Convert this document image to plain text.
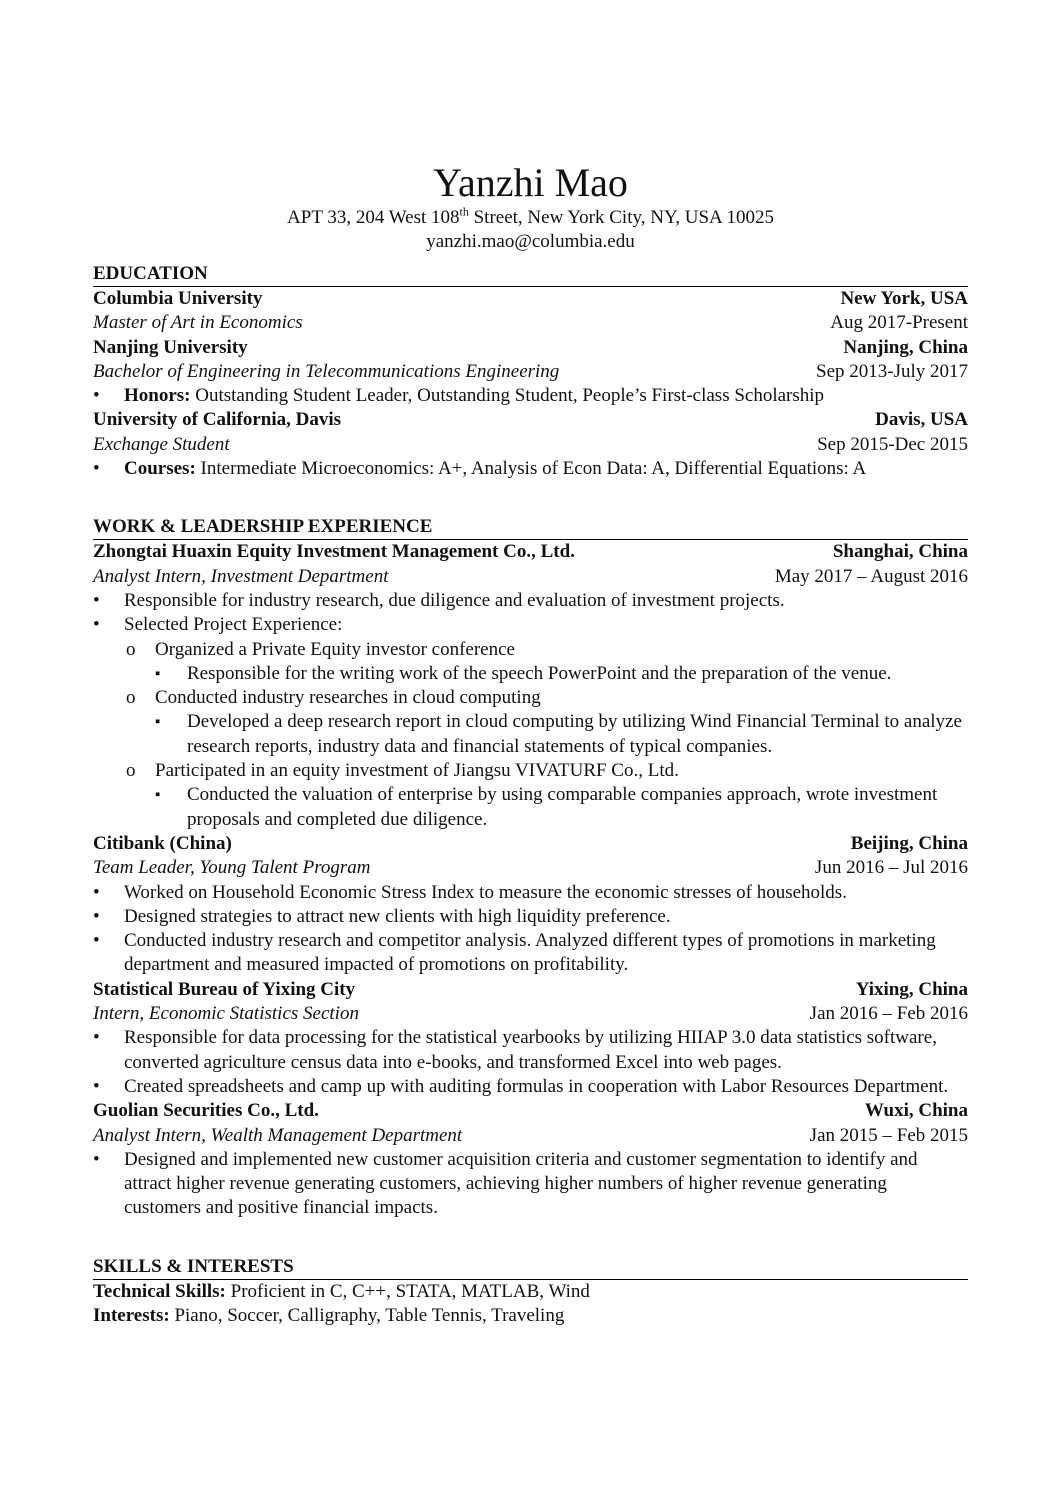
Yanzhi Mao
APT 33, 204 West 108th Street, New York City, NY, USA 10025
yanzhi.mao@columbia.edu
EDUCATION
Columbia University	New York, USA
Master of Art in Economics	Aug 2017-Present
Nanjing University	Nanjing, China
Bachelor of Engineering in Telecommunications Engineering	Sep 2013-July 2017
• Honors: Outstanding Student Leader, Outstanding Student, People’s First-class Scholarship
University of California, Davis	Davis, USA
Exchange Student	Sep 2015-Dec 2015
• Courses: Intermediate Microeconomics: A+, Analysis of Econ Data: A, Differential Equations: A
WORK & LEADERSHIP EXPERIENCE
Zhongtai Huaxin Equity Investment Management Co., Ltd.	Shanghai, China
Analyst Intern, Investment Department	May 2017 – August 2016
• Responsible for industry research, due diligence and evaluation of investment projects.
• Selected Project Experience:
o Organized a Private Equity investor conference
▪ Responsible for the writing work of the speech PowerPoint and the preparation of the venue.
o Conducted industry researches in cloud computing
▪ Developed a deep research report in cloud computing by utilizing Wind Financial Terminal to analyze research reports, industry data and financial statements of typical companies.
o Participated in an equity investment of Jiangsu VIVATURF Co., Ltd.
▪ Conducted the valuation of enterprise by using comparable companies approach, wrote investment proposals and completed due diligence.
Citibank (China)	Beijing, China
Team Leader, Young Talent Program	Jun 2016 – Jul 2016
• Worked on Household Economic Stress Index to measure the economic stresses of households.
• Designed strategies to attract new clients with high liquidity preference.
• Conducted industry research and competitor analysis. Analyzed different types of promotions in marketing department and measured impacted of promotions on profitability.
Statistical Bureau of Yixing City	Yixing, China
Intern, Economic Statistics Section	Jan 2016 – Feb 2016
• Responsible for data processing for the statistical yearbooks by utilizing HIIAP 3.0 data statistics software, converted agriculture census data into e-books, and transformed Excel into web pages.
• Created spreadsheets and camp up with auditing formulas in cooperation with Labor Resources Department.
Guolian Securities Co., Ltd.	Wuxi, China
Analyst Intern, Wealth Management Department	Jan 2015 – Feb 2015
• Designed and implemented new customer acquisition criteria and customer segmentation to identify and attract higher revenue generating customers, achieving higher numbers of higher revenue generating customers and positive financial impacts.
SKILLS & INTERESTS
Technical Skills: Proficient in C, C++, STATA, MATLAB, Wind
Interests: Piano, Soccer, Calligraphy, Table Tennis, Traveling
